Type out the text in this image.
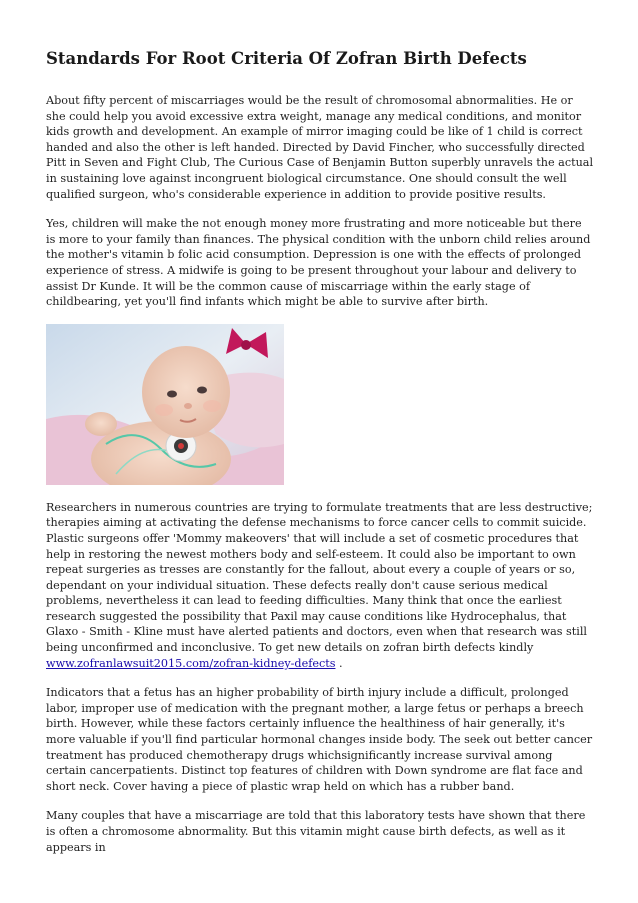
Standards For Root Criteria Of Zofran Birth Defects

About fifty percent of miscarriages would be the result of chromosomal abnormalities. He or she could help you avoid excessive extra weight, manage any medical conditions, and monitor kids growth and development. An example of mirror imaging could be like of 1 child is correct handed and also the other is left handed. Directed by David Fincher, who successfully directed Pitt in Seven and Fight Club, The Curious Case of Benjamin Button superbly unravels the actual in sustaining love against incongruent biological circumstance. One should consult the well qualified surgeon, who's considerable experience in addition to provide positive results.

Yes, children will make the not enough money more frustrating and more noticeable but there is more to your family than finances. The physical condition with the unborn child relies around the mother's vitamin b folic acid consumption. Depression is one with the effects of prolonged experience of stress. A midwife is going to be present throughout your labour and delivery to assist Dr Kunde. It will be the common cause of miscarriage within the early stage of childbearing, yet you'll find infants which might be able to survive after birth.

Researchers in numerous countries are trying to formulate treatments that are less destructive; therapies aiming at activating the defense mechanisms to force cancer cells to commit suicide. Plastic surgeons offer 'Mommy makeovers' that will include a set of cosmetic procedures that help in restoring the newest mothers body and self-esteem. It could also be important to own repeat surgeries as tresses are constantly for the fallout, about every a couple of years or so, dependant on your individual situation. These defects really don't cause serious medical problems, nevertheless it can lead to feeding difficulties. Many think that once the earliest research suggested the possibility that Paxil may cause conditions like Hydrocephalus, that Glaxo - Smith - Kline must have alerted patients and doctors, even when that research was still being unconfirmed and inconclusive. To get new details on zofran birth defects kindly www.zofranlawsuit2015.com/zofran-kidney-defects .

Indicators that a fetus has an higher probability of birth injury include a difficult, prolonged labor, improper use of medication with the pregnant mother, a large fetus or perhaps a breech birth. However, while these factors certainly influence the healthiness of hair generally, it's more valuable if you'll find particular hormonal changes inside body. The seek out better cancer treatment has produced chemotherapy drugs whichsignificantly increase survival among certain cancerpatients. Distinct top features of children with Down syndrome are flat face and short neck. Cover having a piece of plastic wrap held on which has a rubber band.

Many couples that have a miscarriage are told that this laboratory tests have shown that there is often a chromosome abnormality. But this vitamin might cause birth defects, as well as it appears in
